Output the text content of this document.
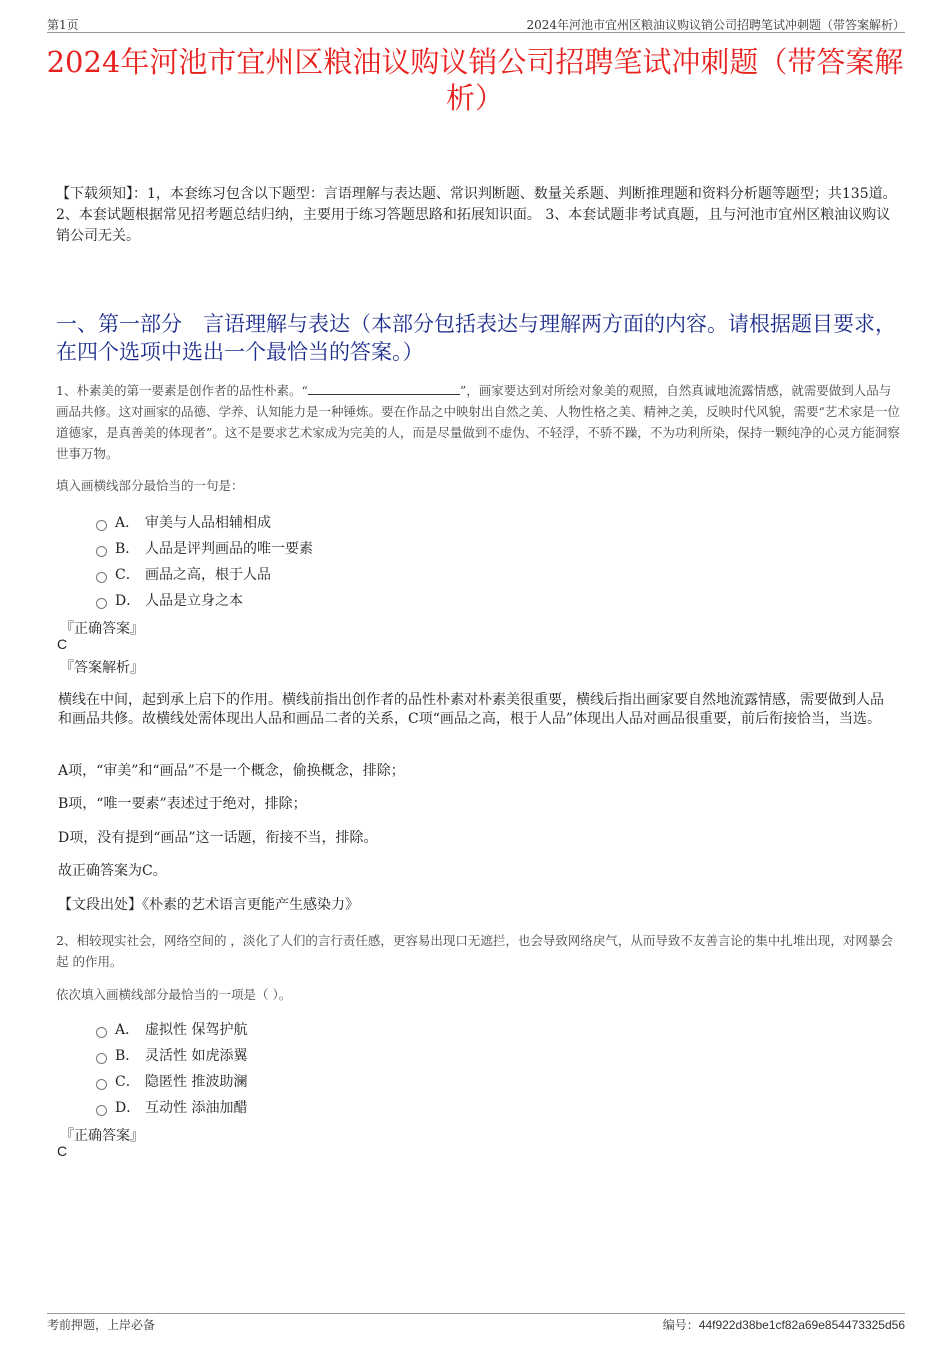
第1页	2024年河池市宜州区粮油议购议销公司招聘笔试冲刺题（带答案解析）
2024年河池市宜州区粮油议购议销公司招聘笔试冲刺题（带答案解析）
【下载须知】：1，本套练习包含以下题型：言语理解与表达题、常识判断题、数量关系题、判断推理题和资料分析题等题型；共135道。 2、本套试题根据常见招考题总结归纳，主要用于练习答题思路和拓展知识面。 3、本套试题非考试真题，且与河池市宜州区粮油议购议销公司无关。
一、第一部分　言语理解与表达（本部分包括表达与理解两方面的内容。请根据题目要求，在四个选项中选出一个最恰当的答案。）
1、朴素美的第一要素是创作者的品性朴素。“	”，画家要达到对所绘对象美的观照，自然真诚地流露情感，就需要做到人品与画品共修。这对画家的品德、学养、认知能力是一种锤炼。要在作品之中映射出自然之美、人物性格之美、精神之美，反映时代风貌，需要“艺术家是一位道德家，是真善美的体现者”。这不是要求艺术家成为完美的人，而是尽量做到不虚伪、不轻浮，不骄不躁，不为功利所染，保持一颗纯净的心灵方能洞察世事万物。
填入画横线部分最恰当的一句是：
A． 审美与人品相辅相成
B． 人品是评判画品的唯一要素
C． 画品之高，根于人品
D． 人品是立身之本
『正确答案』
C
『答案解析』
横线在中间，起到承上启下的作用。横线前指出创作者的品性朴素对朴素美很重要，横线后指出画家要自然地流露情感，需要做到人品和画品共修。故横线处需体现出人品和画品二者的关系，C项“画品之高，根于人品”体现出人品对画品很重要，前后衔接恰当，当选。
A项，“审美”和“画品”不是一个概念，偷换概念，排除；
B项，“唯一要素”表述过于绝对，排除；
D项，没有提到“画品”这一话题，衔接不当，排除。
故正确答案为C。
【文段出处】《朴素的艺术语言更能产生感染力》
2、相较现实社会，网络空间的 ，淡化了人们的言行责任感，更容易出现口无遮拦，也会导致网络戾气，从而导致不友善言论的集中扎堆出现，对网暴会起 的作用。
依次填入画横线部分最恰当的一项是（ ）。
A． 虚拟性 保驾护航
B． 灵活性 如虎添翼
C． 隐匿性 推波助澜
D． 互动性 添油加醋
『正确答案』
C
考前押题，上岸必备	编号：44f922d38be1cf82a69e854473325d56
